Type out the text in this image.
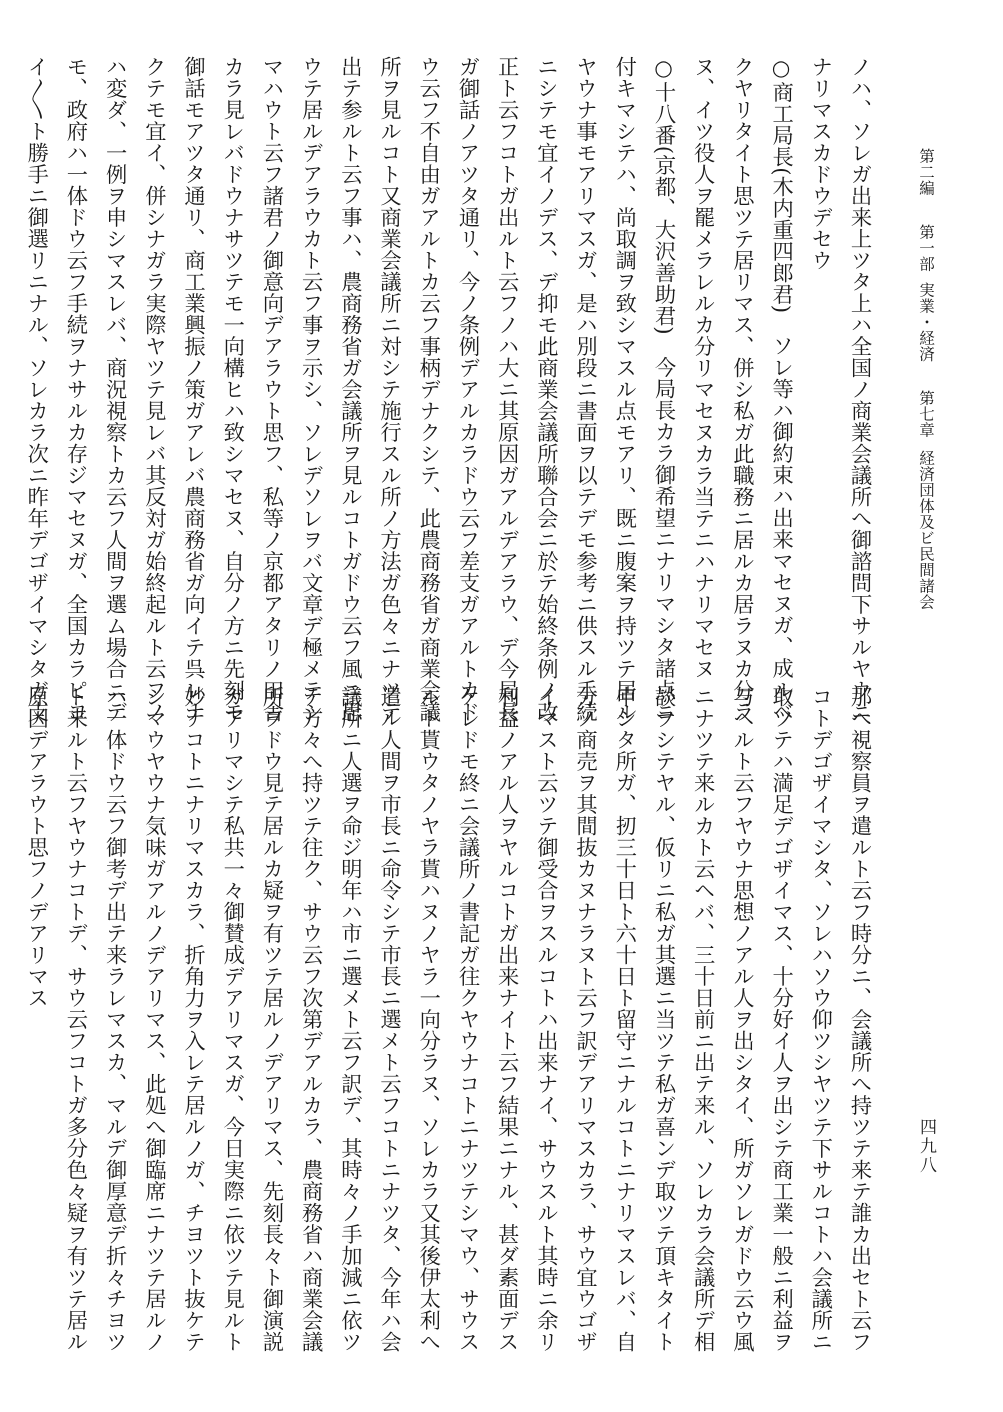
第二編第一部実業・経済第七章経済団体及ビ民間諸会
四九八
ノハ、ソレガ出来上ツタ上ハ全国ノ商業会議所へ御諮問下サルヤウニ
ナリマスカドウデセウ
○商工局長(木内重四郎君)　ソレ等ハ御約束ハ出来マセヌガ、成ルベ
クヤリタイト思ツテ居リマス、併シ私ガ此職務ニ居ルカ居ラヌカ分ラ
ヌ、イツ役人ヲ罷メラレルカ分リマセヌカラ当テニハナリマセヌ
○十八番(京都、大沢善助君)　今局長カラ御希望ニナリマシタ諸点ニ
付キマシテハ、尚取調ヲ致シマスル点モアリ、既ニ腹案ヲ持ツテ居ル
ヤウナ事モアリマスガ、是ハ別段ニ書面ヲ以テデモ参考ニ供スル手続
ニシテモ宜イノデス、デ抑モ此商業会議所聯合会ニ於テ始終条例ノ改
正ト云フコトガ出ルト云フノハ大ニ其原因ガアルデアラウ、デ今局長
ガ御話ノアツタ通リ、今ノ条例デアルカラドウ云フ差支ガアルトカド
ウ云フ不自由ガアルトカ云フ事柄デナクシテ、此農商務省ガ商業会議
所ヲ見ルコト又商業会議所ニ対シテ施行スル所ノ方法ガ色々ニナツテ
出テ参ルト云フ事ハ、農商務省ガ会議所ヲ見ルコトガドウ云フ風ニ思
ウテ居ルデアラウカト云フ事ヲ示シ、ソレデソレヲバ文章デ極メテシ
マハウト云フ諸君ノ御意向デアラウト思フ、私等ノ京都アタリノ田舎
カラ見レバドウナサツテモ一向構ヒハ致シマセヌ、自分ノ方ニ先刻モ
御話モアツタ通リ、商工業興振ノ策ガアレバ農商務省ガ向イテ呉レナ
クテモ宜イ、併シナガラ実際ヤツテ見レバ其反対ガ始終起ルト云フノ
ハ変ダ、一例ヲ申シマスレバ、商況視察トカ云フ人間ヲ選ム場合ニデ
モ、政府ハ一体ドウ云フ手続ヲナサルカ存ジマセヌガ、全国カラピヨ
イ〳〵ト勝手ニ御選リニナル、ソレカラ次ニ昨年デゴザイマシタガ支
那へ視察員ヲ遣ルト云フ時分ニ、会議所へ持ツテ来テ誰カ出セト云フ
コトデゴザイマシタ、ソレハソウ仰ツシヤツテ下サルコトハ会議所ニ
取ツテハ満足デゴザイマス、十分好イ人ヲ出シテ商工業一般ニ利益ヲ
与ヘルト云フヤウナ思想ノアル人ヲ出シタイ、所ガソレガドウ云ウ風
ニナツテ来ルカト云ヘバ、三十日前ニ出テ来ル、ソレカラ会議所デ相
談ヲシテヤル、仮リニ私ガ其選ニ当ツテ私ガ喜ンデ取ツテ頂キタイト
申シタ所ガ、扨三十日ト六十日ト留守ニナルコトニナリマスレバ、自
分ノ商売ヲ其間抜カヌナラヌト云フ訳デアリマスカラ、サウ宜ウゴザ
イマスト云ツテ御受合ヲスルコトハ出来ナイ、サウスルト其時ニ余リ
利益ノアル人ヲヤルコトガ出来ナイト云フ結果ニナル、甚ダ素面デス
ケレドモ終ニ会議所ノ書記ガ往クヤウナコトニナツテシマウ、サウス
ルト貰ウタノヤラ貰ハヌノヤラ一向分ラヌ、ソレカラ又其後伊太利へ
遣ル人間ヲ市長ニ命令シテ市長ニ選メト云フコトニナツタ、今年ハ会
議所ニ人選ヲ命ジ明年ハ市ニ選メト云フ訳デ、其時々ノ手加減ニ依ツ
テ方々へ持ツテ往ク、サウ云フ次第デアルカラ、農商務省ハ商業会議
所ヲドウ見テ居ルカ疑ヲ有ツテ居ルノデアリマス、先刻長々ト御演説
ガアリマシテ私共一々御賛成デアリマスガ、今日実際ニ依ツテ見ルト
妙ナコトニナリマスカラ、折角力ヲ入レテ居ルノガ、チヨツト抜ケテ
シマウヤウナ気味ガアルノデアリマス、此処へ御臨席ニナツテ居ルノ
ハ一体ドウ云フ御考デ出テ来ラレマスカ、マルデ御厚意デ折々チヨツ
ト来ルト云フヤウナコトデ、サウ云フコトガ多分色々疑ヲ有ツテ居ル
原因デアラウト思フノデアリマス
